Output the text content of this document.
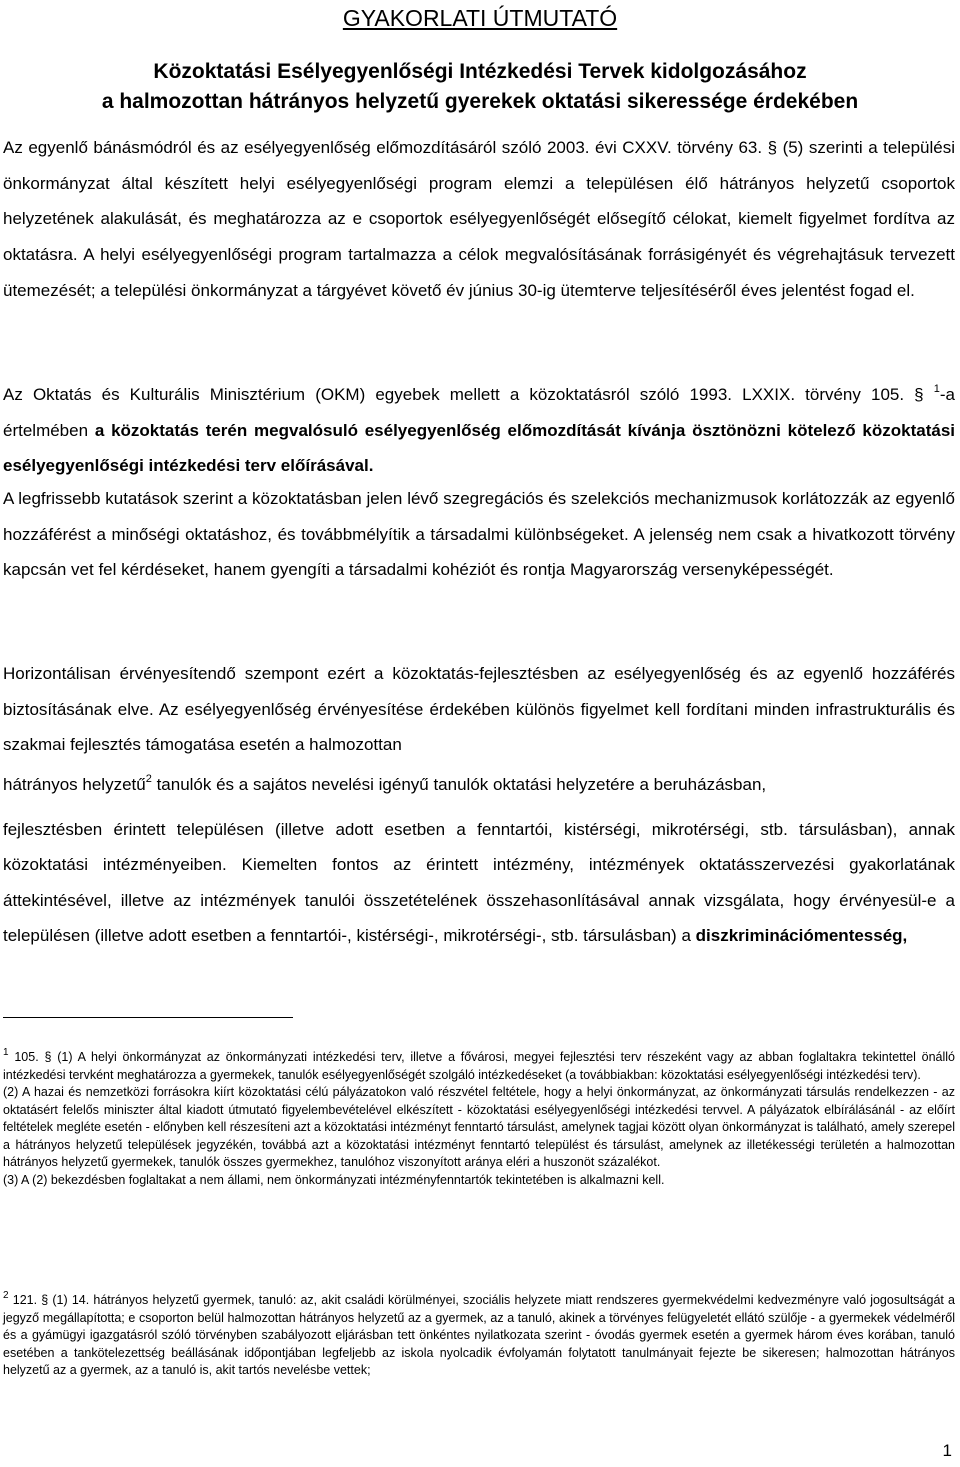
GYAKORLATI ÚTMUTATÓ
Közoktatási Esélyegyenlőségi Intézkedési Tervek kidolgozásához
a halmozottan hátrányos helyzetű gyerekek oktatási sikeressége érdekében
Az egyenlő bánásmódról és az esélyegyenlőség előmozdításáról szóló 2003. évi CXXV. törvény 63. § (5) szerinti a települési önkormányzat által készített helyi esélyegyenlőségi program elemzi a településen élő hátrányos helyzetű csoportok helyzetének alakulását, és meghatározza az e csoportok esélyegyenlőségét elősegítő célokat, kiemelt figyelmet fordítva az oktatásra. A helyi esélyegyenlőségi program tartalmazza a célok megvalósításának forrásigényét és végrehajtásuk tervezett ütemezését; a települési önkormányzat a tárgyévet követő év június 30-ig ütemterve teljesítéséről éves jelentést fogad el.
Az Oktatás és Kulturális Minisztérium (OKM) egyebek mellett a közoktatásról szóló 1993. LXXIX. törvény 105. § $^1$-a értelmében a közoktatás terén megvalósuló esélyegyenlőség előmozdítását kívánja ösztönözni kötelező közoktatási esélyegyenlőségi intézkedési terv előírásával.
A legfrissebb kutatások szerint a közoktatásban jelen lévő szegregációs és szelekciós mechanizmusok korlátozzák az egyenlő hozzáférést a minőségi oktatáshoz, és továbbmélyítik a társadalmi különbségeket. A jelenség nem csak a hivatkozott törvény kapcsán vet fel kérdéseket, hanem gyengíti a társadalmi kohéziót és rontja Magyarország versenyképességét.
Horizontálisan érvényesítendő szempont ezért a közoktatás-fejlesztésben az esélyegyenlőség és az egyenlő hozzáférés biztosításának elve. Az esélyegyenlőség érvényesítése érdekében különös figyelmet kell fordítani minden infrastrukturális és szakmai fejlesztés támogatása esetén a halmozottan
hátrányos helyzetű$^2$ tanulók és a sajátos nevelési igényű tanulók oktatási helyzetére a beruházásban,
fejlesztésben érintett településen (illetve adott esetben a fenntartói, kistérségi, mikrotérségi, stb. társulásban), annak közoktatási intézményeiben. Kiemelten fontos az érintett intézmény, intézmények oktatásszervezési gyakorlatának áttekintésével, illetve az intézmények tanulói összetételének összehasonlításával annak vizsgálata, hogy érvényesül-e a településen (illetve adott esetben a fenntartói-, kistérségi-, mikrotérségi-, stb. társulásban) a diszkriminációmentesség,
$^1$ 105. § (1) A helyi önkormányzat az önkormányzati intézkedési terv, illetve a fővárosi, megyei fejlesztési terv részeként vagy az abban foglaltakra tekintettel önálló intézkedési tervként meghatározza a gyermekek, tanulók esélyegyenlőségét szolgáló intézkedéseket (a továbbiakban: közoktatási esélyegyenlőségi intézkedési terv).
(2) A hazai és nemzetközi forrásokra kiírt közoktatási célú pályázatokon való részvétel feltétele, hogy a helyi önkormányzat, az önkormányzati társulás rendelkezzen - az oktatásért felelős miniszter által kiadott útmutató figyelembevételével elkészített - közoktatási esélyegyenlőségi intézkedési tervvel. A pályázatok elbírálásánál - az előírt feltételek megléte esetén - előnyben kell részesíteni azt a közoktatási intézményt fenntartó társulást, amelynek tagjai között olyan önkormányzat is található, amely szerepel a hátrányos helyzetű települések jegyzékén, továbbá azt a közoktatási intézményt fenntartó települést és társulást, amelynek az illetékességi területén a halmozottan hátrányos helyzetű gyermekek, tanulók összes gyermekhez, tanulóhoz viszonyított aránya eléri a huszonöt százalékot.
(3) A (2) bekezdésben foglaltakat a nem állami, nem önkormányzati intézményfenntartók tekintetében is alkalmazni kell.
$^2$ 121. § (1) 14. hátrányos helyzetű gyermek, tanuló: az, akit családi körülményei, szociális helyzete miatt rendszeres gyermekvédelmi kedvezményre való jogosultságát a jegyző megállapította; e csoporton belül halmozottan hátrányos helyzetű az a gyermek, az a tanuló, akinek a törvényes felügyeletét ellátó szülője - a gyermekek védelméről és a gyámügyi igazgatásról szóló törvényben szabályozott eljárásban tett önkéntes nyilatkozata szerint - óvodás gyermek esetén a gyermek három éves korában, tanuló esetében a tankötelezettség beállásának időpontjában legfeljebb az iskola nyolcadik évfolyamán folytatott tanulmányait fejezte be sikeresen; halmozottan hátrányos helyzetű az a gyermek, az a tanuló is, akit tartós nevelésbe vettek;
1
